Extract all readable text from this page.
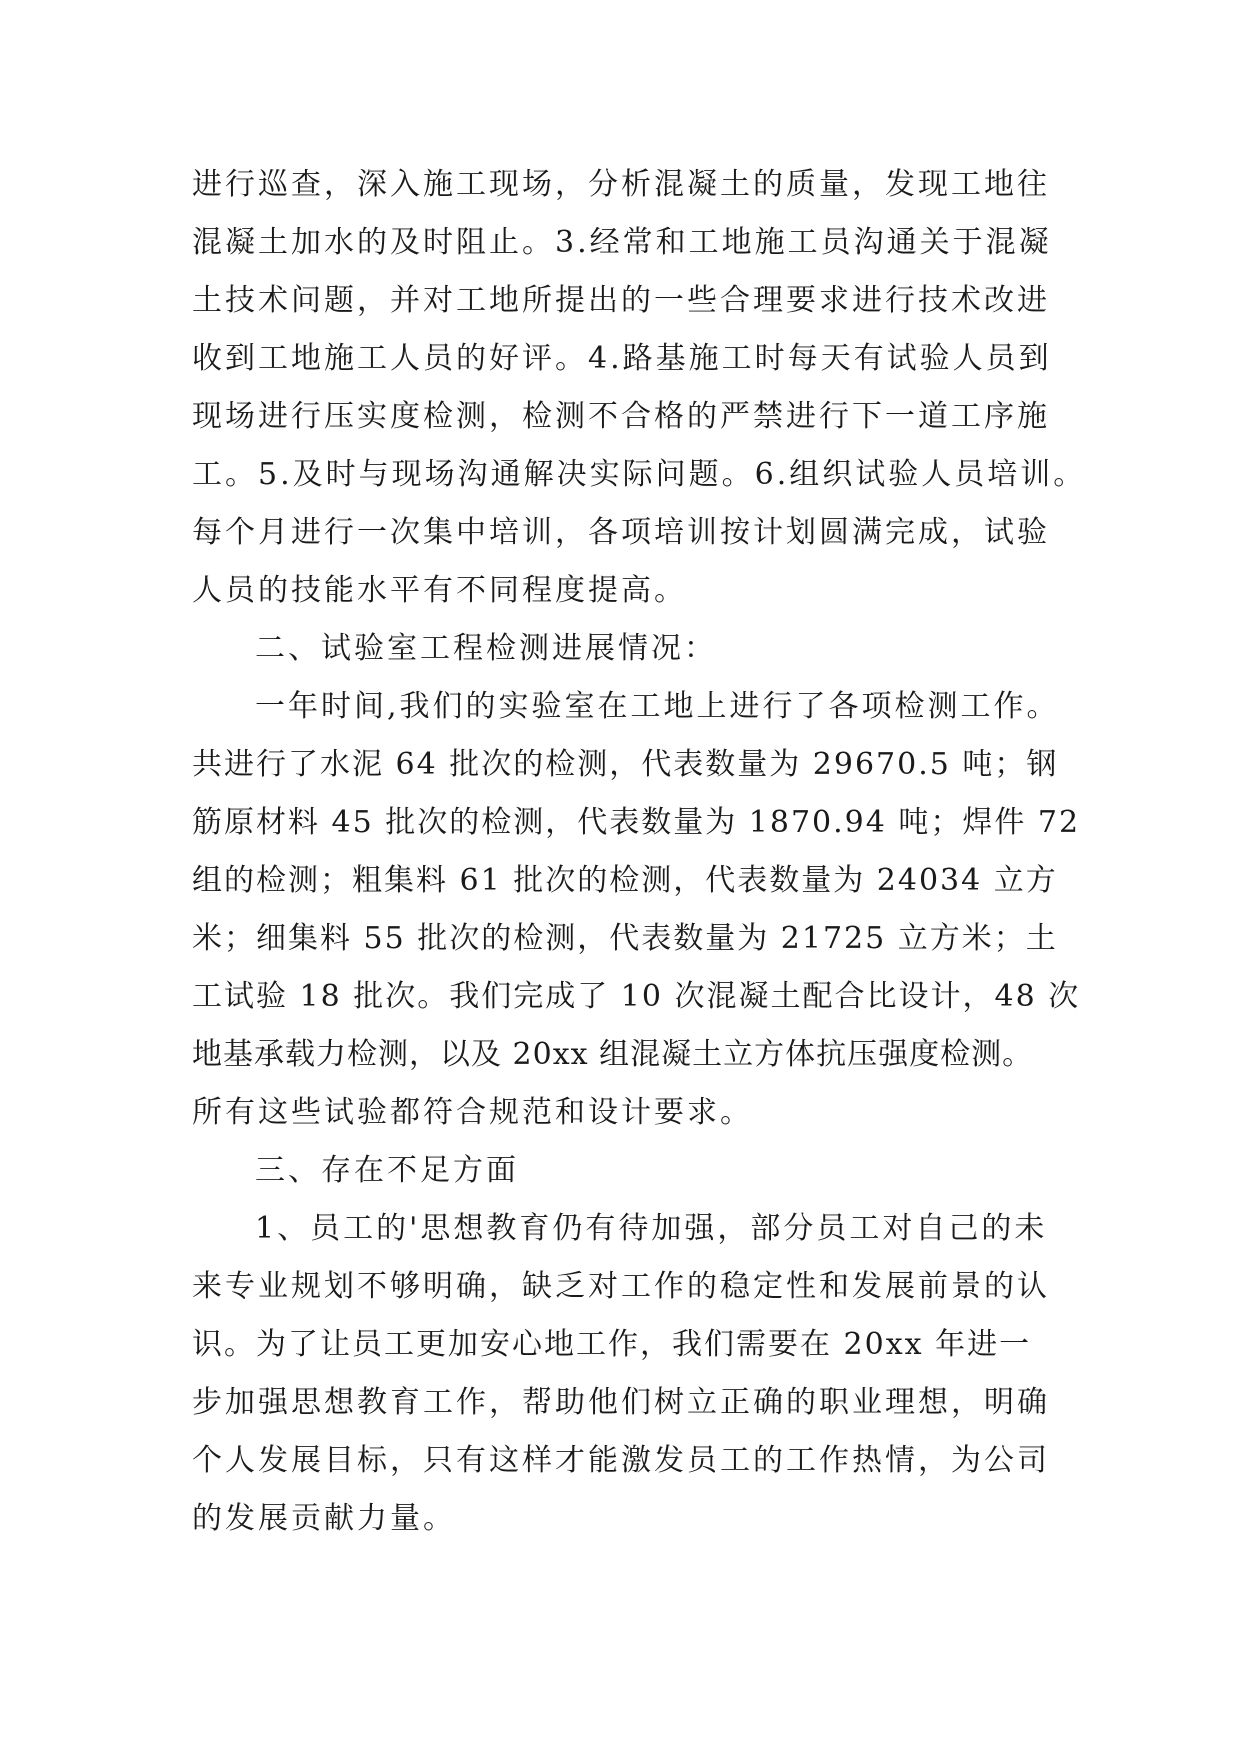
进行巡查，深入施工现场，分析混凝土的质量，发现工地往
混凝土加水的及时阻止。3.经常和工地施工员沟通关于混凝
土技术问题，并对工地所提出的一些合理要求进行技术改进
收到工地施工人员的好评。4.路基施工时每天有试验人员到
现场进行压实度检测，检测不合格的严禁进行下一道工序施
工。5.及时与现场沟通解决实际问题。6.组织试验人员培训。
每个月进行一次集中培训，各项培训按计划圆满完成，试验
人员的技能水平有不同程度提高。
二、试验室工程检测进展情况：
一年时间,我们的实验室在工地上进行了各项检测工作。
共进行了水泥 64 批次的检测，代表数量为 29670.5 吨；钢
筋原材料 45 批次的检测，代表数量为 1870.94 吨；焊件 72
组的检测；粗集料 61 批次的检测，代表数量为 24034 立方
米；细集料 55 批次的检测，代表数量为 21725 立方米；土
工试验 18 批次。我们完成了 10 次混凝土配合比设计，48 次
地基承载力检测，以及 20xx 组混凝土立方体抗压强度检测。
所有这些试验都符合规范和设计要求。
三、存在不足方面
1、员工的'思想教育仍有待加强，部分员工对自己的未
来专业规划不够明确，缺乏对工作的稳定性和发展前景的认
识。为了让员工更加安心地工作，我们需要在 20xx 年进一
步加强思想教育工作，帮助他们树立正确的职业理想，明确
个人发展目标，只有这样才能激发员工的工作热情，为公司
的发展贡献力量。
